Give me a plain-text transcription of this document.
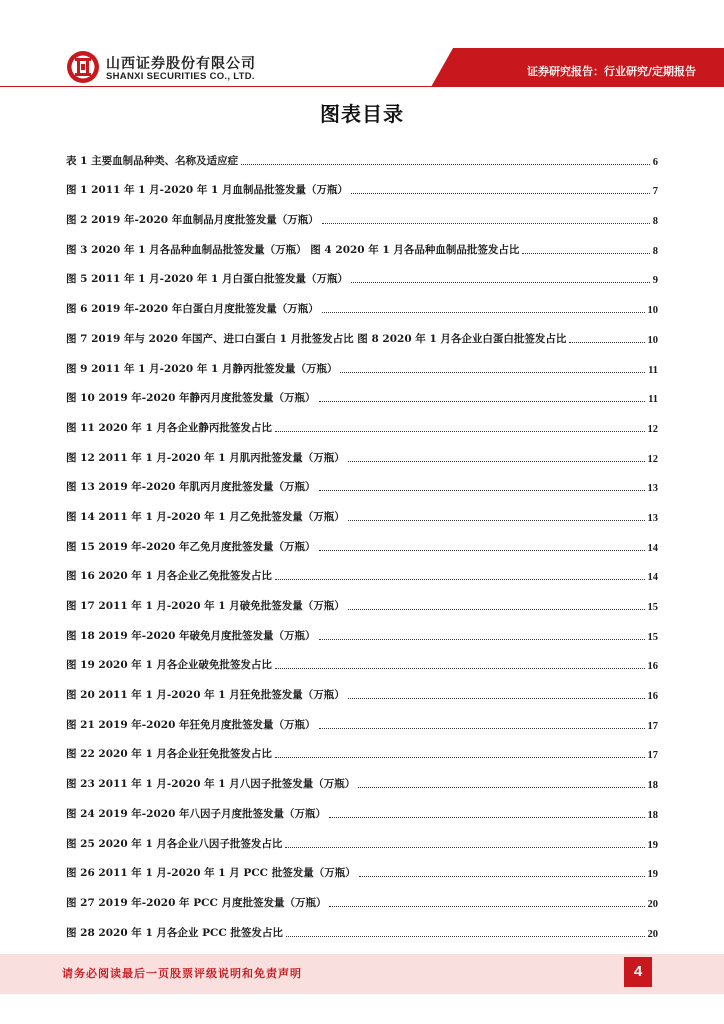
山西证券股份有限公司
SHANXI SECURITIES CO., LTD.	证券研究报告：行业研究/定期报告
图表目录
表 1 主要血制品种类、名称及适应症	6
图 1 2011 年 1 月-2020 年 1 月血制品批签发量（万瓶）	7
图 2 2019 年-2020 年血制品月度批签发量（万瓶）	8
图 3 2020 年 1 月各品种血制品批签发量（万瓶） 图 4 2020 年 1 月各品种血制品批签发占比	8
图 5 2011 年 1 月-2020 年 1 月白蛋白批签发量（万瓶）	9
图 6 2019 年-2020 年白蛋白月度批签发量（万瓶）	10
图 7 2019 年与 2020 年国产、进口白蛋白 1 月批签发占比 图 8 2020 年 1 月各企业白蛋白批签发占比	10
图 9 2011 年 1 月-2020 年 1 月静丙批签发量（万瓶）	11
图 10 2019 年-2020 年静丙月度批签发量（万瓶）	11
图 11 2020 年 1 月各企业静丙批签发占比	12
图 12 2011 年 1 月-2020 年 1 月肌丙批签发量（万瓶）	12
图 13 2019 年-2020 年肌丙月度批签发量（万瓶）	13
图 14 2011 年 1 月-2020 年 1 月乙免批签发量（万瓶）	13
图 15 2019 年-2020 年乙免月度批签发量（万瓶）	14
图 16 2020 年 1 月各企业乙免批签发占比	14
图 17 2011 年 1 月-2020 年 1 月破免批签发量（万瓶）	15
图 18 2019 年-2020 年破免月度批签发量（万瓶）	15
图 19 2020 年 1 月各企业破免批签发占比	16
图 20 2011 年 1 月-2020 年 1 月狂免批签发量（万瓶）	16
图 21 2019 年-2020 年狂免月度批签发量（万瓶）	17
图 22 2020 年 1 月各企业狂免批签发占比	17
图 23 2011 年 1 月-2020 年 1 月八因子批签发量（万瓶）	18
图 24 2019 年-2020 年八因子月度批签发量（万瓶）	18
图 25 2020 年 1 月各企业八因子批签发占比	19
图 26 2011 年 1 月-2020 年 1 月 PCC 批签发量（万瓶）	19
图 27 2019 年-2020 年 PCC 月度批签发量（万瓶）	20
图 28 2020 年 1 月各企业 PCC 批签发占比	20
请务必阅读最后一页股票评级说明和免责声明	4
